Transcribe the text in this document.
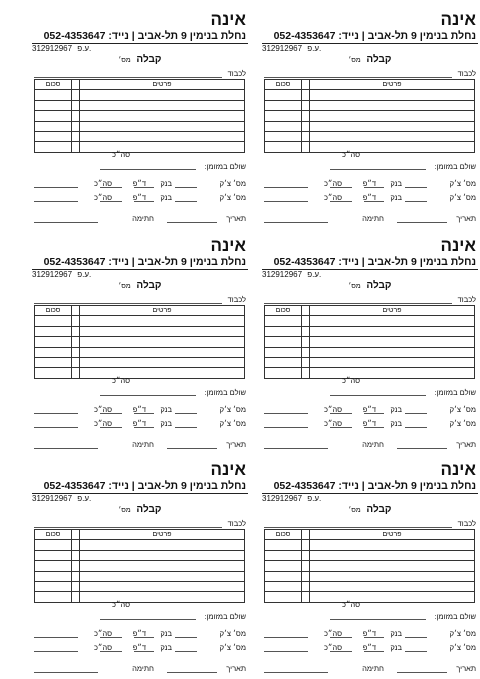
אינה
נחלת בנימין 9 תל-אביב | נייד: 052-4353647
312912967 ע.פ.
קבלה מס׳
לכבוד
פרטים		סכום

סה״כ
שולם במזומן:
מס׳ צ׳ק
בנק
ד״פ
סה״כ
מס׳ צ׳ק
בנק
ד״פ
סה״כ
תאריך
חתימה
אינה
נחלת בנימין 9 תל-אביב | נייד: 052-4353647
312912967 ע.פ.
קבלה מס׳
לכבוד
פרטים		סכום

סה״כ
שולם במזומן:
מס׳ צ׳ק
בנק
ד״פ
סה״כ
מס׳ צ׳ק
בנק
ד״פ
סה״כ
תאריך
חתימה
אינה
נחלת בנימין 9 תל-אביב | נייד: 052-4353647
312912967 ע.פ.
קבלה מס׳
לכבוד
פרטים		סכום

סה״כ
שולם במזומן:
מס׳ צ׳ק
בנק
ד״פ
סה״כ
מס׳ צ׳ק
בנק
ד״פ
סה״כ
תאריך
חתימה
אינה
נחלת בנימין 9 תל-אביב | נייד: 052-4353647
312912967 ע.פ.
קבלה מס׳
לכבוד
פרטים		סכום

סה״כ
שולם במזומן:
מס׳ צ׳ק
בנק
ד״פ
סה״כ
מס׳ צ׳ק
בנק
ד״פ
סה״כ
תאריך
חתימה
אינה
נחלת בנימין 9 תל-אביב | נייד: 052-4353647
312912967 ע.פ.
קבלה מס׳
לכבוד
פרטים		סכום

סה״כ
שולם במזומן:
מס׳ צ׳ק
בנק
ד״פ
סה״כ
מס׳ צ׳ק
בנק
ד״פ
סה״כ
תאריך
חתימה
אינה
נחלת בנימין 9 תל-אביב | נייד: 052-4353647
312912967 ע.פ.
קבלה מס׳
לכבוד
פרטים		סכום

סה״כ
שולם במזומן:
מס׳ צ׳ק
בנק
ד״פ
סה״כ
מס׳ צ׳ק
בנק
ד״פ
סה״כ
תאריך
חתימה
